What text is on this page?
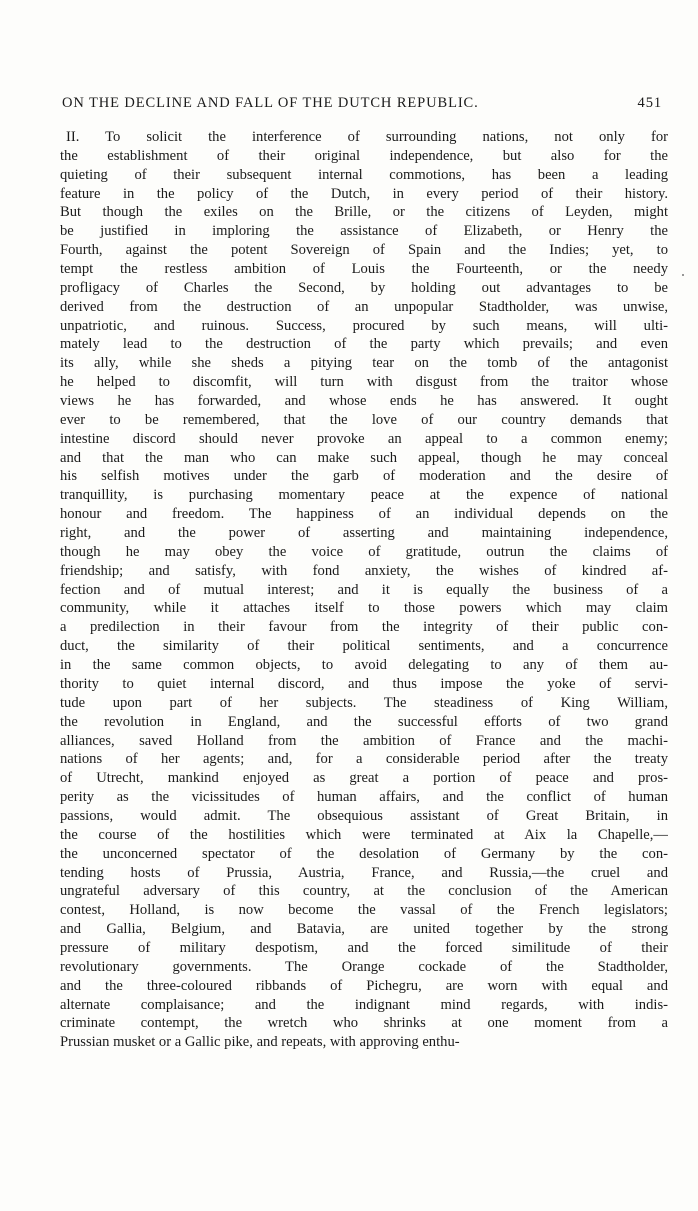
ON THE DECLINE AND FALL OF THE DUTCH REPUBLIC.	451
II. To solicit the interference of surrounding nations, not only for
the establishment of their original independence, but also for the
quieting of their subsequent internal commotions, has been a leading
feature in the policy of the Dutch, in every period of their history.
But though the exiles on the Brille, or the citizens of Leyden, might
be justified in imploring the assistance of Elizabeth, or Henry the
Fourth, against the potent Sovereign of Spain and the Indies; yet, to
tempt the restless ambition of Louis the Fourteenth, or the needy
profligacy of Charles the Second, by holding out advantages to be
derived from the destruction of an unpopular Stadtholder, was unwise,
unpatriotic, and ruinous. Success, procured by such means, will ulti-
mately lead to the destruction of the party which prevails; and even
its ally, while she sheds a pitying tear on the tomb of the antagonist
he helped to discomfit, will turn with disgust from the traitor whose
views he has forwarded, and whose ends he has answered. It ought
ever to be remembered, that the love of our country demands that
intestine discord should never provoke an appeal to a common enemy;
and that the man who can make such appeal, though he may conceal
his selfish motives under the garb of moderation and the desire of
tranquillity, is purchasing momentary peace at the expence of national
honour and freedom. The happiness of an individual depends on the
right, and the power of asserting and maintaining independence,
though he may obey the voice of gratitude, outrun the claims of
friendship; and satisfy, with fond anxiety, the wishes of kindred af-
fection and of mutual interest; and it is equally the business of a
community, while it attaches itself to those powers which may claim
a predilection in their favour from the integrity of their public con-
duct, the similarity of their political sentiments, and a concurrence
in the same common objects, to avoid delegating to any of them au-
thority to quiet internal discord, and thus impose the yoke of servi-
tude upon part of her subjects. The steadiness of King William,
the revolution in England, and the successful efforts of two grand
alliances, saved Holland from the ambition of France and the machi-
nations of her agents; and, for a considerable period after the treaty
of Utrecht, mankind enjoyed as great a portion of peace and pros-
perity as the vicissitudes of human affairs, and the conflict of human
passions, would admit. The obsequious assistant of Great Britain, in
the course of the hostilities which were terminated at Aix la Chapelle,—
the unconcerned spectator of the desolation of Germany by the con-
tending hosts of Prussia, Austria, France, and Russia,—the cruel and
ungrateful adversary of this country, at the conclusion of the American
contest, Holland, is now become the vassal of the French legislators;
and Gallia, Belgium, and Batavia, are united together by the strong
pressure of military despotism, and the forced similitude of their
revolutionary governments. The Orange cockade of the Stadtholder,
and the three-coloured ribbands of Pichegru, are worn with equal and
alternate complaisance; and the indignant mind regards, with indis-
criminate contempt, the wretch who shrinks at one moment from a
Prussian musket or a Gallic pike, and repeats, with approving enthu-
